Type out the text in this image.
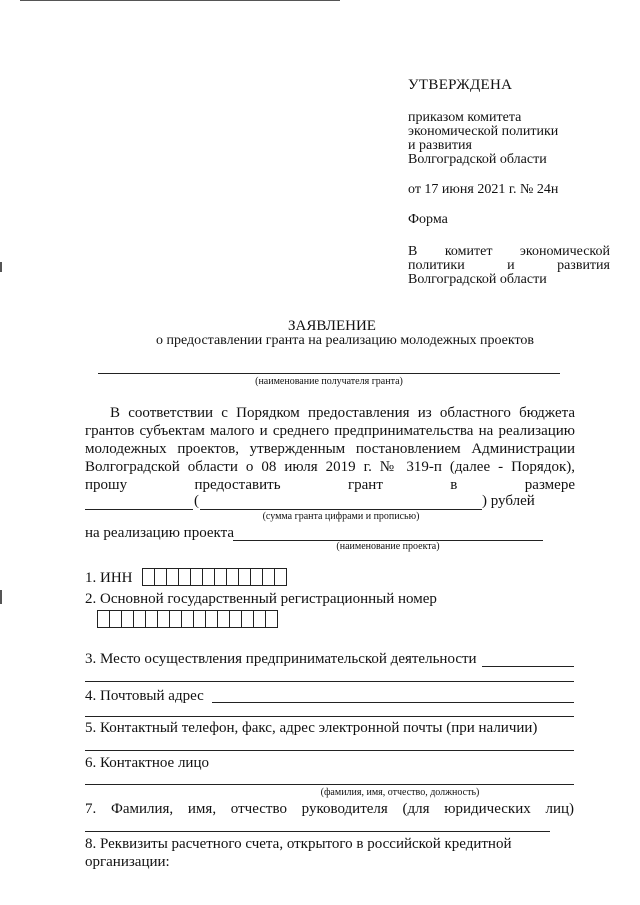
УТВЕРЖДЕНА
приказом комитета
экономической политики
и развития
Волгоградской области
от 17 июня 2021 г. № 24н
Форма
В комитет экономической
политики и развития
Волгоградской области
ЗАЯВЛЕНИЕ
о предоставлении гранта на реализацию молодежных проектов
(наименование получателя гранта)
В соответствии с Порядком предоставления из областного бюджета
грантов субъектам малого и среднего предпринимательства на реализацию
молодежных проектов, утвержденным постановлением Администрации
Волгоградской области о 08 июля 2019 г. № 319-п (далее - Порядок),
прошу предоставить грант в размере
(	) рублей
(сумма гранта цифрами и прописью)
на реализацию проекта
(наименование проекта)
1. ИНН
2. Основной государственный регистрационный номер
3. Место осуществления предпринимательской деятельности
4. Почтовый адрес
5. Контактный телефон, факс, адрес электронной почты (при наличии)
6. Контактное лицо
(фамилия, имя, отчество, должность)
7. Фамилия, имя, отчество руководителя (для юридических лиц)
8. Реквизиты расчетного счета, открытого в российской кредитной
организации:
